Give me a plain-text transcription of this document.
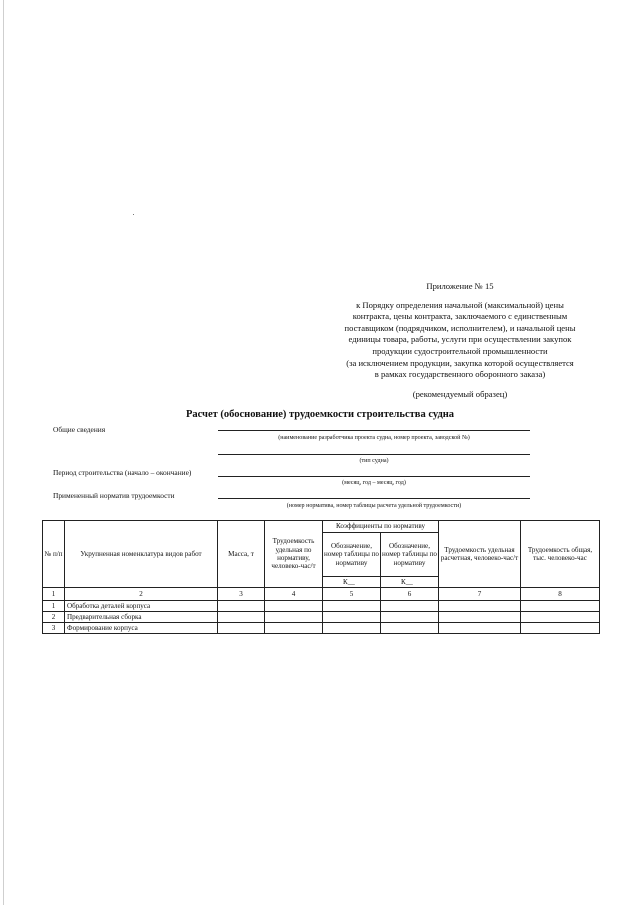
Приложение № 15
к Порядку определения начальной (максимальной) цены
контракта, цены контракта, заключаемого с единственным
поставщиком (подрядчиком, исполнителем), и начальной цены
единицы товара, работы, услуги при осуществлении закупок
продукции судостроительной промышленности
(за исключением продукции, закупка которой осуществляется
в рамках государственного оборонного заказа)
(рекомендуемый образец)
Расчет (обоснование) трудоемкости строительства судна
Общие сведения
(наименование разработчика проекта судна, номер проекта, заводской №)
(тип судна)
Период строительства (начало – окончание)
(месяц, год – месяц, год)
Примененный норматив трудоемкости
(номер норматива, номер таблицы расчета удельной трудоемкости)
№ п/п	Укрупненная номенклатура видов работ	Масса, т	Трудоемкость удельная по нормативу, человеко-час/т	Коэффициенты по нормативу		Трудоемкость удельная расчетная, человеко-час/т	Трудоемкость общая, тыс. человеко-час
				Обозначение, номер таблицы по нормативу	Обозначение, номер таблицы по нормативу		
				К__	К__		
1	2	3	4	5	6	7	8
1	Обработка деталей корпуса						
2	Предварительная сборка						
3	Формирование корпуса						
